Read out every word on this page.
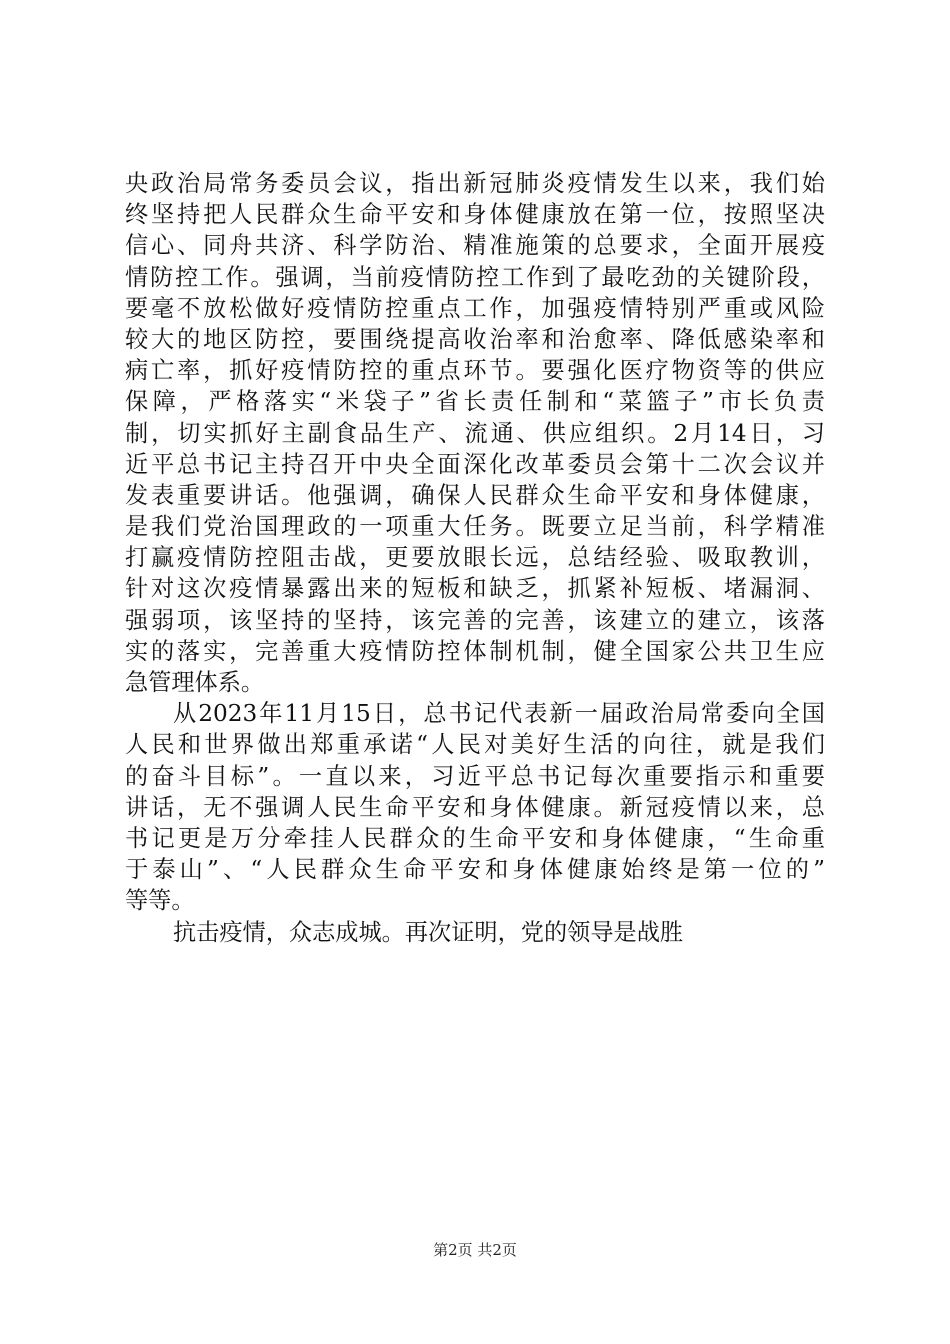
央政治局常务委员会议，指出新冠肺炎疫情发生以来，我们始
终坚持把人民群众生命平安和身体健康放在第一位，按照坚决
信心、同舟共济、科学防治、精准施策的总要求，全面开展疫
情防控工作。强调，当前疫情防控工作到了最吃劲的关键阶段，
要毫不放松做好疫情防控重点工作，加强疫情特别严重或风险
较大的地区防控，要围绕提高收治率和治愈率、降低感染率和
病亡率，抓好疫情防控的重点环节。要强化医疗物资等的供应
保障，严格落实“米袋子”省长责任制和“菜篮子”市长负责
制，切实抓好主副食品生产、流通、供应组织。2月14日，习
近平总书记主持召开中央全面深化改革委员会第十二次会议并
发表重要讲话。他强调，确保人民群众生命平安和身体健康，
是我们党治国理政的一项重大任务。既要立足当前，科学精准
打赢疫情防控阻击战，更要放眼长远，总结经验、吸取教训，
针对这次疫情暴露出来的短板和缺乏，抓紧补短板、堵漏洞、
强弱项，该坚持的坚持，该完善的完善，该建立的建立，该落
实的落实，完善重大疫情防控体制机制，健全国家公共卫生应
急管理体系。
从2023年11月15日，总书记代表新一届政治局常委向全国
人民和世界做出郑重承诺“人民对美好生活的向往，就是我们
的奋斗目标”。一直以来，习近平总书记每次重要指示和重要
讲话，无不强调人民生命平安和身体健康。新冠疫情以来，总
书记更是万分牵挂人民群众的生命平安和身体健康，“生命重
于泰山”、“人民群众生命平安和身体健康始终是第一位的”
等等。
抗击疫情，众志成城。再次证明，党的领导是战胜
第2页 共2页
